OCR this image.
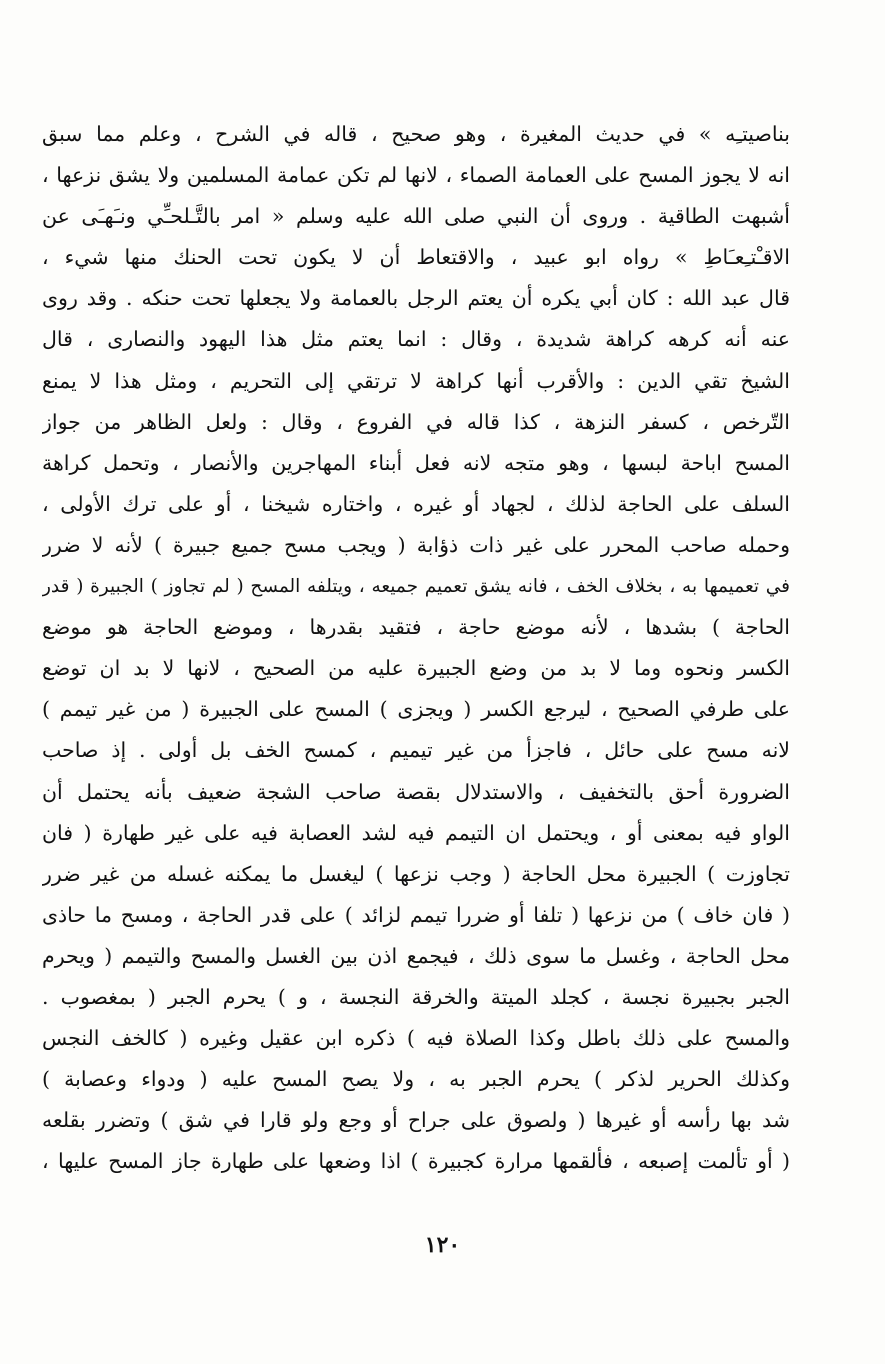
بناصيتـِه » في حديث المغيرة ، وهو صحيح ، قاله في الشرح ، وعلم مما سبق
انه لا يجوز المسح على العمامة الصماء ، لانها لم تكن عمامة المسلمين ولا يشق نزعها ،
أشبهت الطاقية . وروى أن النبي صلى الله عليه وسلم « امر بالتَّـلحـِّي ونـَهـَى عن
الاقـْتـِعـَاطِ » رواه ابو عبيد ، والاقتعاط أن لا يكون تحت الحنك منها شيء ،
قال عبد الله : كان أبي يكره أن يعتم الرجل بالعمامة ولا يجعلها تحت حنكه . وقد روى
عنه أنه كرهه كراهة شديدة ، وقال : انما يعتم مثل هذا اليهود والنصارى ، قال
الشيخ تقي الدين : والأقرب أنها كراهة لا ترتقي إلى التحريم ، ومثل هذا لا يمنع
التّرخص ، كسفر النزهة ، كذا قاله في الفروع ، وقال : ولعل الظاهر من جواز
المسح اباحة لبسها ، وهو متجه لانه فعل أبناء المهاجرين والأنصار ، وتحمل كراهة
السلف على الحاجة لذلك ، لجهاد أو غيره ، واختاره شيخنا ، أو على ترك الأولى ،
وحمله صاحب المحرر على غير ذات ذؤابة ( ويجب مسح جميع جبيرة ) لأنه لا ضرر
في تعميمها به ، بخلاف الخف ، فانه يشق تعميم جميعه ، ويتلفه المسح ( لم تجاوز ) الجبيرة ( قدر
الحاجة ) بشدها ، لأنه موضع حاجة ، فتقيد بقدرها ، وموضع الحاجة هو موضع
الكسر ونحوه وما لا بد من وضع الجبيرة عليه من الصحيح ، لانها لا بد ان توضع
على طرفي الصحيح ، ليرجع الكسر ( ويجزى ) المسح على الجبيرة ( من غير تيمم )
لانه مسح على حائل ، فاجزأ من غير تيميم ، كمسح الخف بل أولى . إذ صاحب
الضرورة أحق بالتخفيف ، والاستدلال بقصة صاحب الشجة ضعيف بأنه يحتمل أن
الواو فيه بمعنى أو ، ويحتمل ان التيمم فيه لشد العصابة فيه على غير طهارة ( فان
تجاوزت ) الجبيرة محل الحاجة ( وجب نزعها ) ليغسل ما يمكنه غسله من غير ضرر
( فان خاف ) من نزعها ( تلفا أو ضررا تيمم لزائد ) على قدر الحاجة ، ومسح ما حاذى
محل الحاجة ، وغسل ما سوى ذلك ، فيجمع اذن بين الغسل والمسح والتيمم ( ويحرم
الجبر بجبيرة نجسة ، كجلد الميتة والخرقة النجسة ، و ) يحرم الجبر ( بمغصوب .
والمسح على ذلك باطل وكذا الصلاة فيه ) ذكره ابن عقيل وغيره ( كالخف النجس
وكذلك الحرير لذكر ) يحرم الجبر به ، ولا يصح المسح عليه ( ودواء وعصابة )
شد بها رأسه أو غيرها ( ولصوق على جراح أو وجع ولو قارا في شق ) وتضرر بقلعه
( أو تألمت إصبعه ، فألقمها مرارة كجبيرة ) اذا وضعها على طهارة جاز المسح عليها ،
١٢٠
